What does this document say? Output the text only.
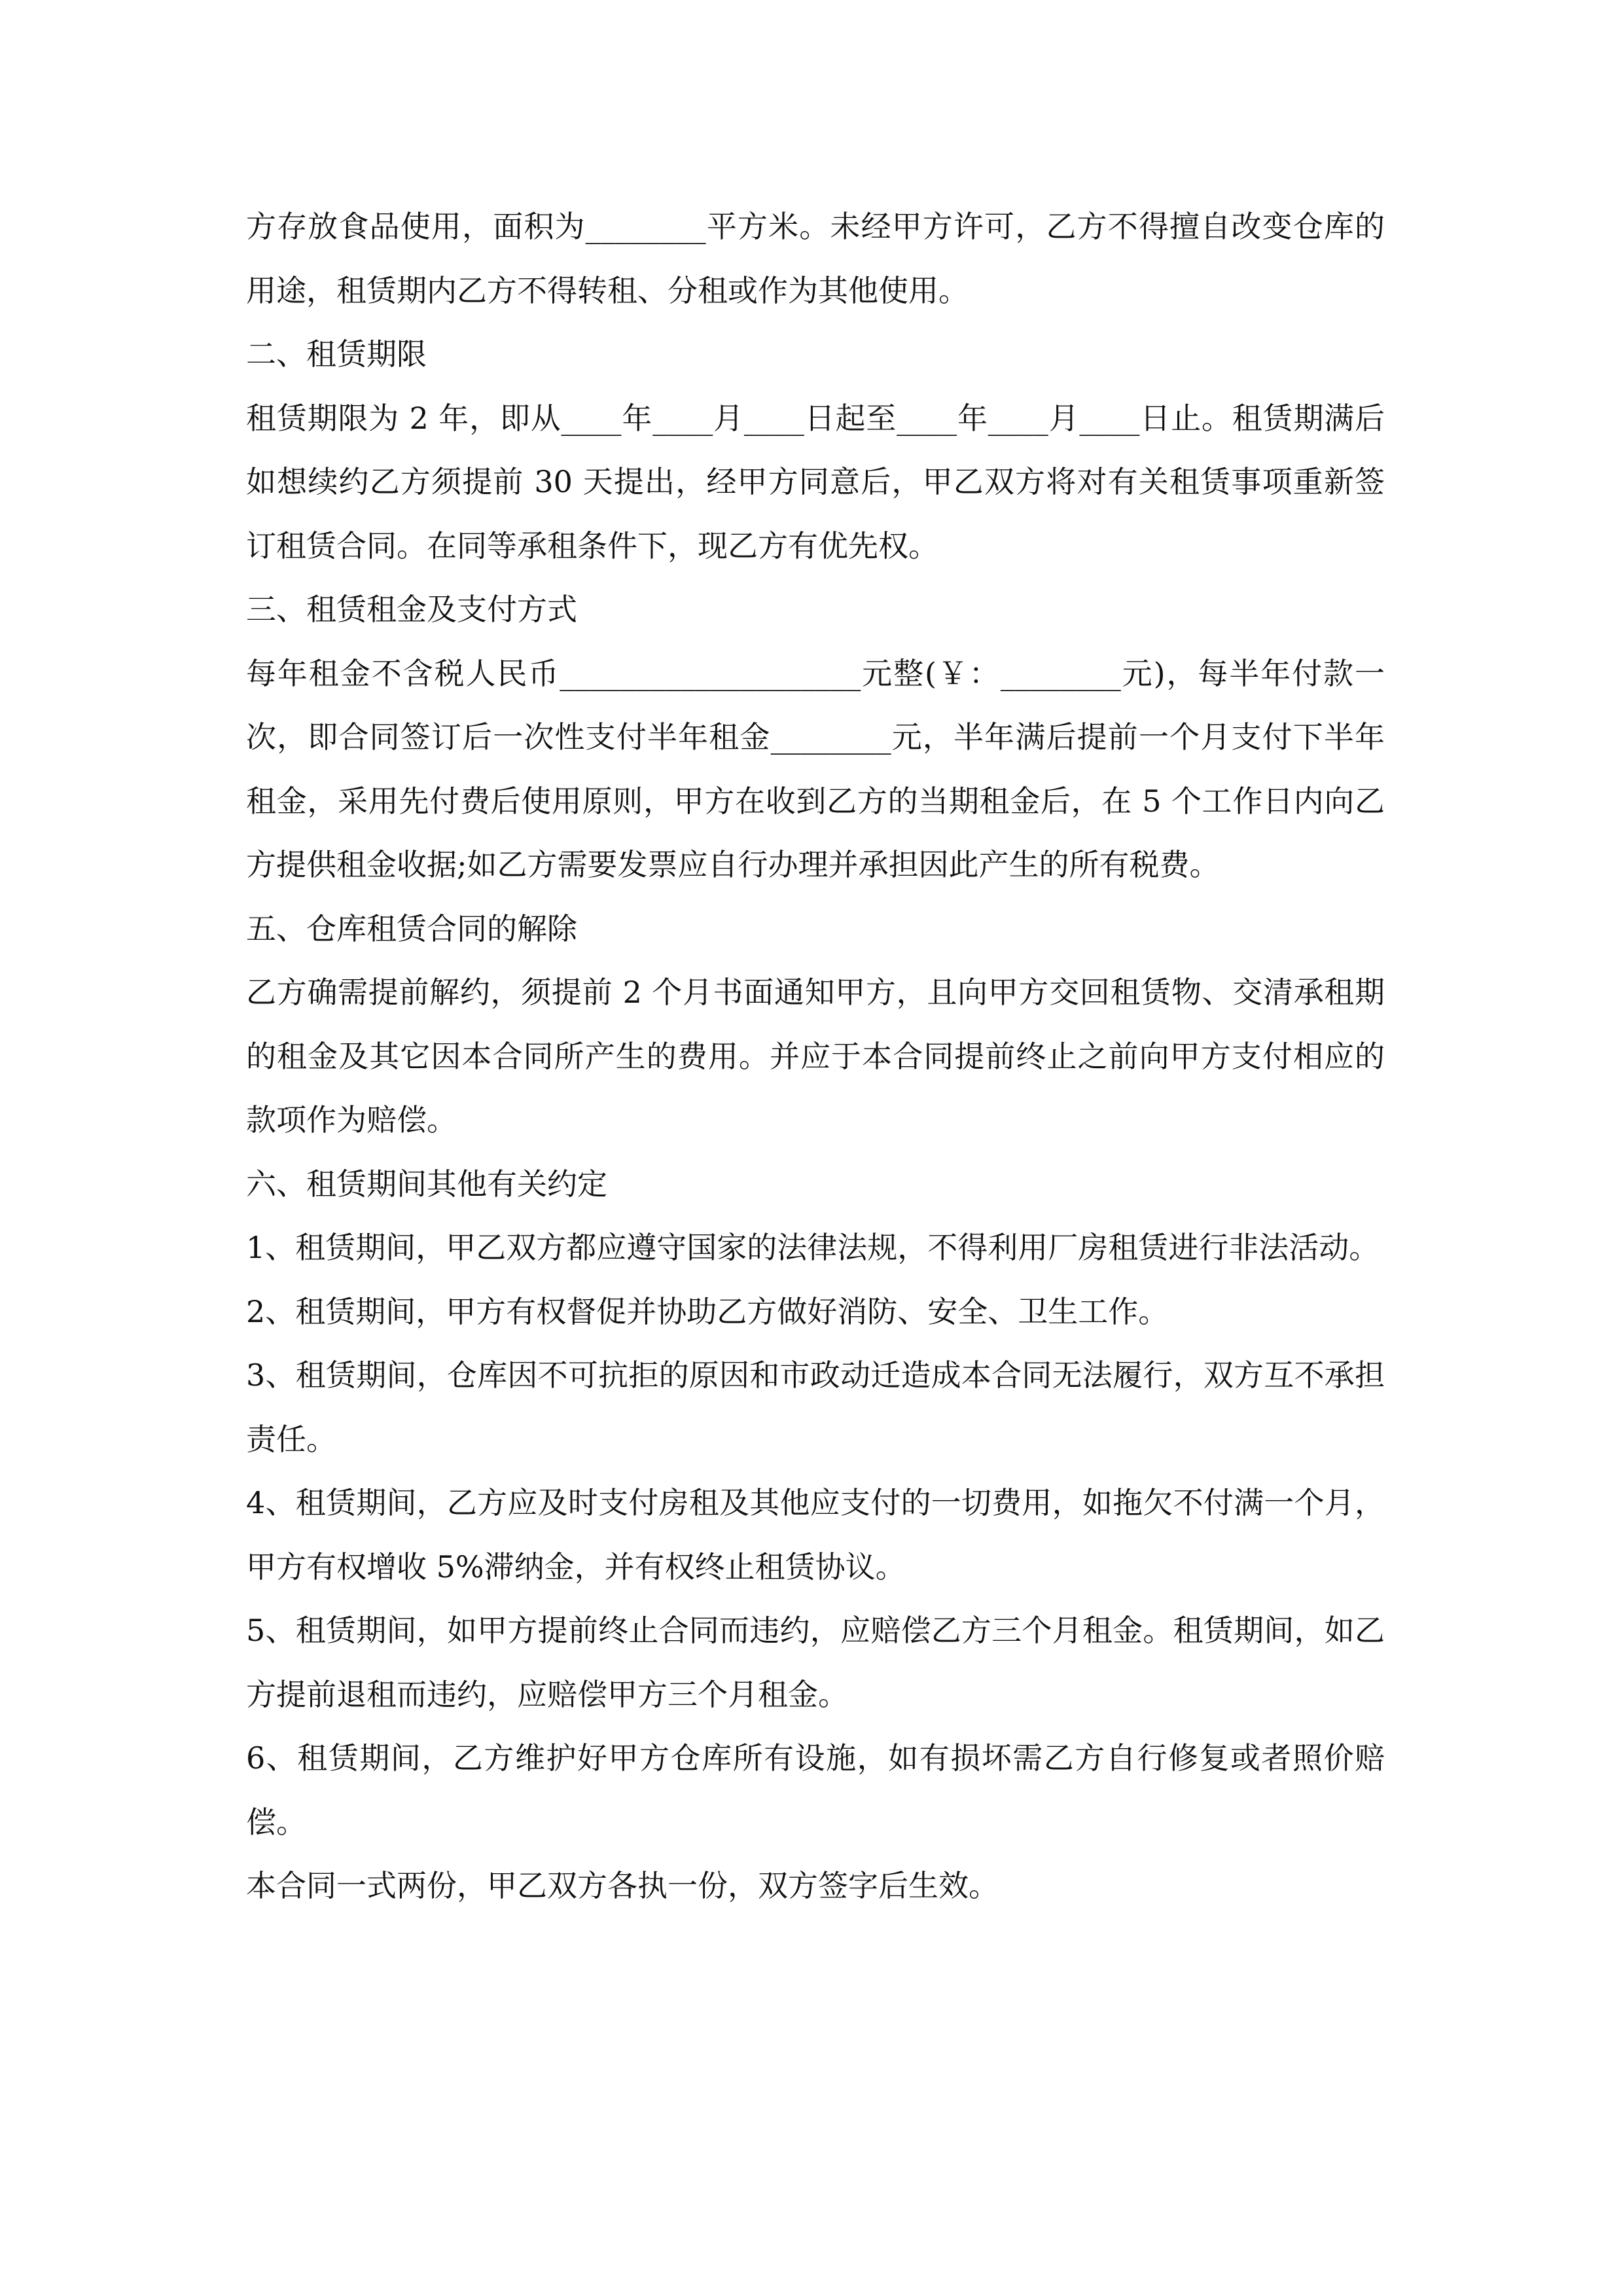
方存放食品使用，面积为________平方米。未经甲方许可，乙方不得擅自改变仓库的用途，租赁期内乙方不得转租、分租或作为其他使用。

二、租赁期限

租赁期限为 2 年，即从____年____月____日起至____年____月____日止。租赁期满后如想续约乙方须提前 30 天提出，经甲方同意后，甲乙双方将对有关租赁事项重新签订租赁合同。在同等承租条件下，现乙方有优先权。

三、租赁租金及支付方式

每年租金不含税人民币____________________元整(￥：________元)，每半年付款一次，即合同签订后一次性支付半年租金________元，半年满后提前一个月支付下半年租金，采用先付费后使用原则，甲方在收到乙方的当期租金后，在 5 个工作日内向乙方提供租金收据;如乙方需要发票应自行办理并承担因此产生的所有税费。

五、仓库租赁合同的解除

乙方确需提前解约，须提前 2 个月书面通知甲方，且向甲方交回租赁物、交清承租期的租金及其它因本合同所产生的费用。并应于本合同提前终止之前向甲方支付相应的款项作为赔偿。

六、租赁期间其他有关约定

1、租赁期间，甲乙双方都应遵守国家的法律法规，不得利用厂房租赁进行非法活动。

2、租赁期间，甲方有权督促并协助乙方做好消防、安全、卫生工作。

3、租赁期间，仓库因不可抗拒的原因和市政动迁造成本合同无法履行，双方互不承担责任。

4、租赁期间，乙方应及时支付房租及其他应支付的一切费用，如拖欠不付满一个月，甲方有权增收 5%滞纳金，并有权终止租赁协议。

5、租赁期间，如甲方提前终止合同而违约，应赔偿乙方三个月租金。租赁期间，如乙方提前退租而违约，应赔偿甲方三个月租金。

6、租赁期间，乙方维护好甲方仓库所有设施，如有损坏需乙方自行修复或者照价赔偿。

本合同一式两份，甲乙双方各执一份，双方签字后生效。
